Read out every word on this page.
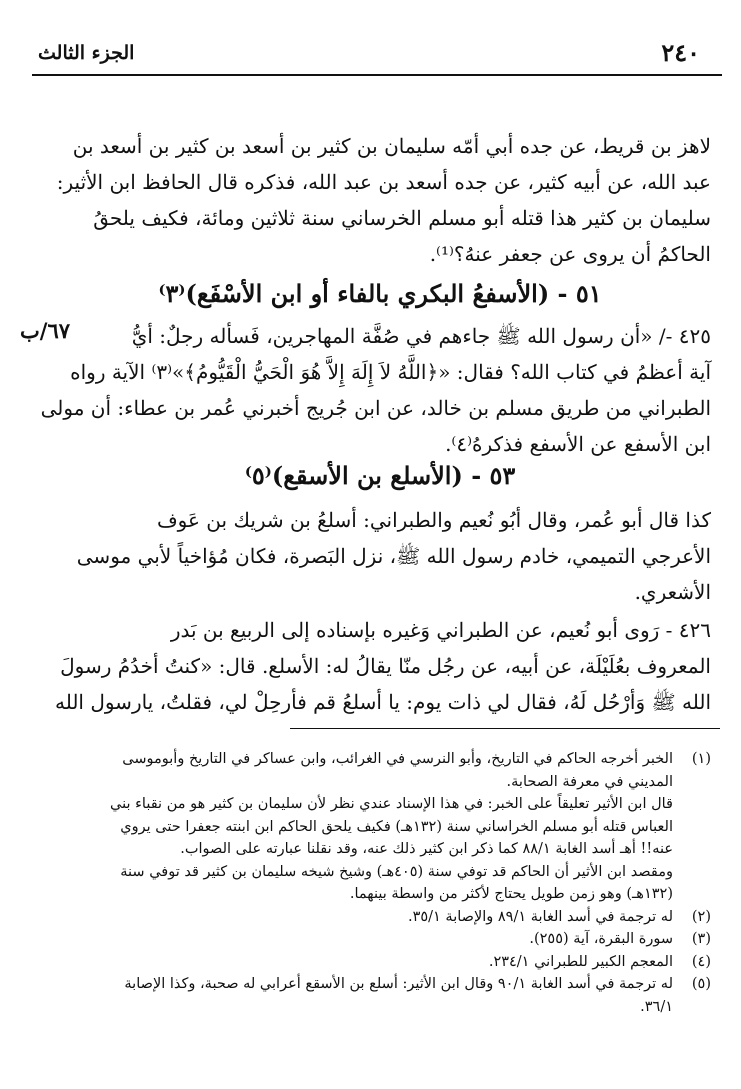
٢٤٠
الجزء الثالث
لاهز بن قريط، عن جده أبي أمّه سليمان بن كثير بن أسعد بن كثير بن أسعد بن
عبد الله، عن أبيه كثير، عن جده أسعد بن عبد الله، فذكره قال الحافظ ابن الأثير:
سليمان بن كثير هذا قتله أبو مسلم الخرساني سنة ثلاثين ومائة، فكيف يلحقُ
الحاكمُ أن يروى عن جعفر عنهُ؟⁽¹⁾.
٥١ - (الأسفعُ البكري بالفاء أو ابن الأسْفَع)⁽٣⁾
٦٧/ب	٤٢٥ -/ «أن رسول الله ﷺ جاءهم في صُفَّة المهاجرين، فَسأله رجلٌ: أيُّ
آية أعظمُ في كتاب الله؟ فقال: «﴿اللَّهُ لاَ إِلَهَ إِلاَّ هُوَ الْحَيُّ الْقَيُّومُ﴾»⁽٣⁾ الآية رواه
الطبراني من طريق مسلم بن خالد، عن ابن جُريج أخبرني عُمر بن عطاء: أن مولى
ابن الأسفع عن الأسفع فذكرهُ⁽٤⁾.
٥٣ - (الأسلع بن الأسقع)⁽٥⁾
كذا قال أبو عُمر، وقال أبُو نُعيم والطبراني: أسلعُ بن شريك بن عَوف
الأعرجي التميمي، خادم رسول الله ﷺ، نزل البَصرة، فكان مُؤاخياً لأبي موسى
الأشعري.
٤٢٦ - رَوى أبو نُعيم، عن الطبراني وَغيره بإسناده إلى الربيع بن بَدر
المعروف بعُلَيْلَة، عن أبيه، عن رجُل منّا يقالُ له: الأسلع. قال: «كنتُ أخدُمُ رسولَ
الله ﷺ وَأرْحُل لَهُ، فقال لي ذات يوم: يا أسلعُ قم فأرحِلْ لي، فقلتُ، يارسول الله
(١)
الخبر أخرجه الحاكم في التاريخ، وأبو النرسي في الغرائب، وابن عساكر في التاريخ وأبوموسى
المديني في معرفة الصحابة.
قال ابن الأثير تعليقاً على الخبر: في هذا الإسناد عندي نظر لأن سليمان بن كثير هو من نقباء بني
العباس قتله أبو مسلم الخراساني سنة (١٣٢هـ) فكيف يلحق الحاكم ابن ابنته جعفرا حتى يروي
عنه!! أهـ أسد الغابة ٨٨/١ كما ذكر ابن كثير ذلك عنه، وقد نقلنا عبارته على الصواب.
ومقصد ابن الأثير أن الحاكم قد توفي سنة (٤٠٥هـ) وشيخ شيخه سليمان بن كثير قد توفي سنة
(١٣٢هـ) وهو زمن طويل يحتاج لأكثر من واسطة بينهما.
(٢)
له ترجمة في أسد الغابة ٨٩/١ والإصابة ٣٥/١.
(٣)
سورة البقرة، آية (٢٥٥).
(٤)
المعجم الكبير للطبراني ٢٣٤/١.
(٥)
له ترجمة في أسد الغابة ٩٠/١ وقال ابن الأثير: أسلع بن الأسقع أعرابي له صحبة، وكذا الإصابة
٣٦/١.
